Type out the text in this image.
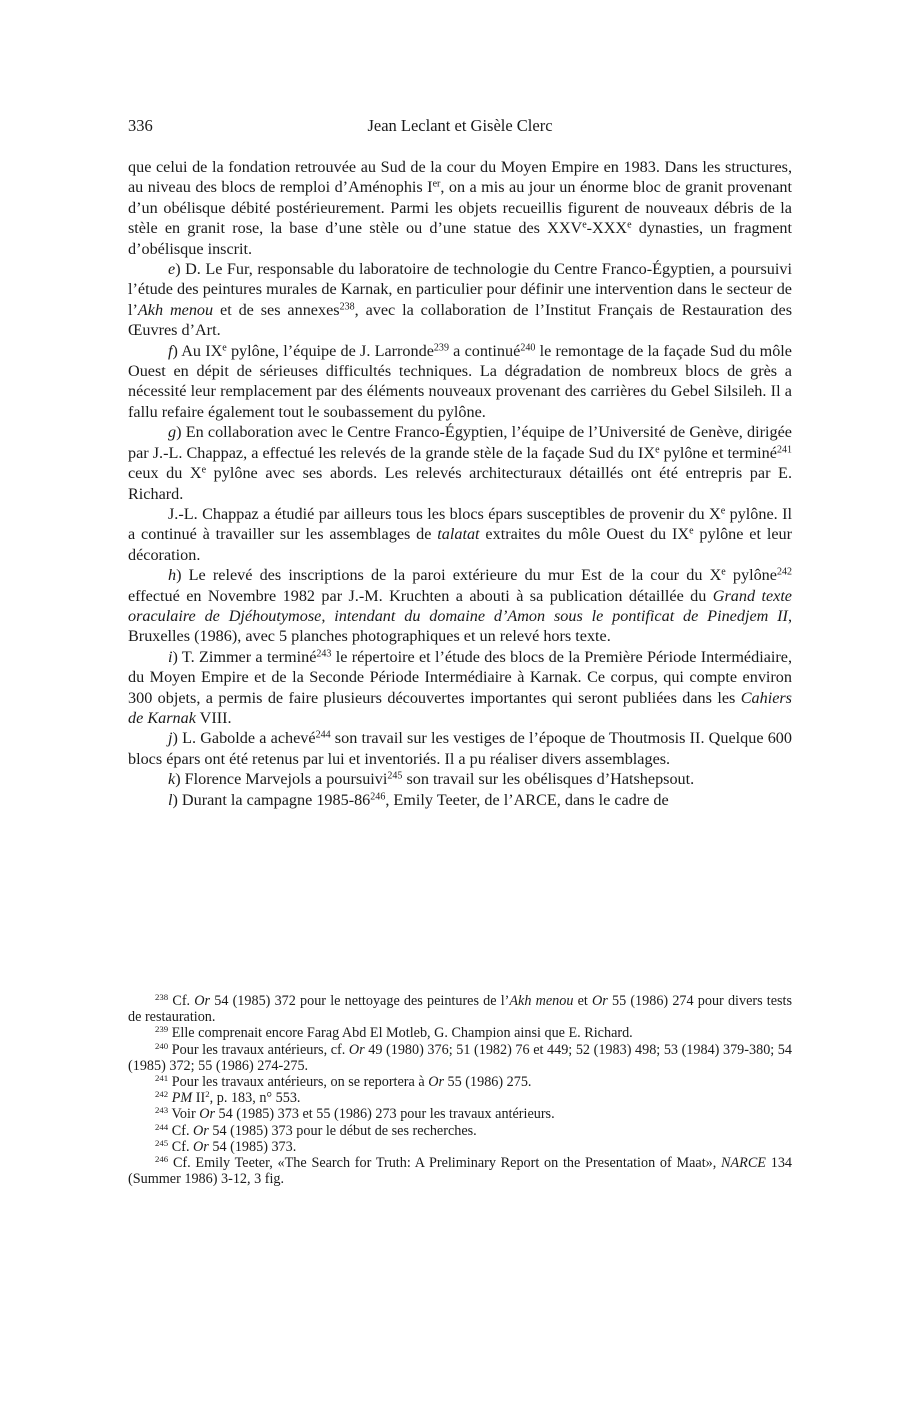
336	Jean Leclant et Gisèle Clerc

que celui de la fondation retrouvée au Sud de la cour du Moyen Empire en 1983. Dans les structures, au niveau des blocs de remploi d’Aménophis Ier, on a mis au jour un énorme bloc de granit provenant d’un obélisque débité postérieurement. Parmi les objets recueillis figurent de nouveaux débris de la stèle en granit rose, la base d’une stèle ou d’une statue des XXVe-XXXe dynasties, un fragment d’obélisque inscrit.

e) D. Le Fur, responsable du laboratoire de technologie du Centre Franco-Égyptien, a poursuivi l’étude des peintures murales de Karnak, en particulier pour définir une intervention dans le secteur de l’Akh menou et de ses annexes$^{238}$, avec la collaboration de l’Institut Français de Restauration des Œuvres d’Art.

f) Au IXe pylône, l’équipe de J. Larronde$^{239}$ a continué$^{240}$ le remontage de la façade Sud du môle Ouest en dépit de sérieuses difficultés techniques. La dégradation de nombreux blocs de grès a nécessité leur remplacement par des éléments nouveaux provenant des carrières du Gebel Silsileh. Il a fallu refaire également tout le soubassement du pylône.

g) En collaboration avec le Centre Franco-Égyptien, l’équipe de l’Université de Genève, dirigée par J.-L. Chappaz, a effectué les relevés de la grande stèle de la façade Sud du IXe pylône et terminé$^{241}$ ceux du Xe pylône avec ses abords. Les relevés architecturaux détaillés ont été entrepris par E. Richard.

J.-L. Chappaz a étudié par ailleurs tous les blocs épars susceptibles de provenir du Xe pylône. Il a continué à travailler sur les assemblages de talatat extraites du môle Ouest du IXe pylône et leur décoration.

h) Le relevé des inscriptions de la paroi extérieure du mur Est de la cour du Xe pylône$^{242}$ effectué en Novembre 1982 par J.-M. Kruchten a abouti à sa publication détaillée du Grand texte oraculaire de Djéhoutymose, intendant du domaine d’Amon sous le pontificat de Pinedjem II, Bruxelles (1986), avec 5 planches photographiques et un relevé hors texte.

i) T. Zimmer a terminé$^{243}$ le répertoire et l’étude des blocs de la Première Période Intermédiaire, du Moyen Empire et de la Seconde Période Intermédiaire à Karnak. Ce corpus, qui compte environ 300 objets, a permis de faire plusieurs découvertes importantes qui seront publiées dans les Cahiers de Karnak VIII.

j) L. Gabolde a achevé$^{244}$ son travail sur les vestiges de l’époque de Thoutmosis II. Quelque 600 blocs épars ont été retenus par lui et inventoriés. Il a pu réaliser divers assemblages.

k) Florence Marvejols a poursuivi$^{245}$ son travail sur les obélisques d’Hatshepsout.

l) Durant la campagne $1985-86^{246}$, Emily Teeter, de l’ARCE, dans le cadre de

$^{238}$ Cf. Or 54 (1985) 372 pour le nettoyage des peintures de l’Akh menou et Or 55 (1986) 274 pour divers tests de restauration.

$^{239}$ Elle comprenait encore Farag Abd El Motleb, G. Champion ainsi que E. Richard.

$^{240}$ Pour les travaux antérieurs, cf. Or 49 (1980) 376; 51 (1982) 76 et 449; 52 (1983) 498; 53 (1984) 379-380; 54 (1985) 372; 55 (1986) 274-275.

$^{241}$ Pour les travaux antérieurs, on se reportera à Or 55 (1986) 275.

$^{242}$ PM $II^2$, p. 183, n° 553.

$^{243}$ Voir Or 54 (1985) 373 et 55 (1986) 273 pour les travaux antérieurs.

$^{244}$ Cf. Or 54 (1985) 373 pour le début de ses recherches.

$^{245}$ Cf. Or 54 (1985) 373.

$^{246}$ Cf. Emily Teeter, «The Search for Truth: A Preliminary Report on the Presentation of Maat», NARCE 134 (Summer 1986) 3-12, 3 fig.
